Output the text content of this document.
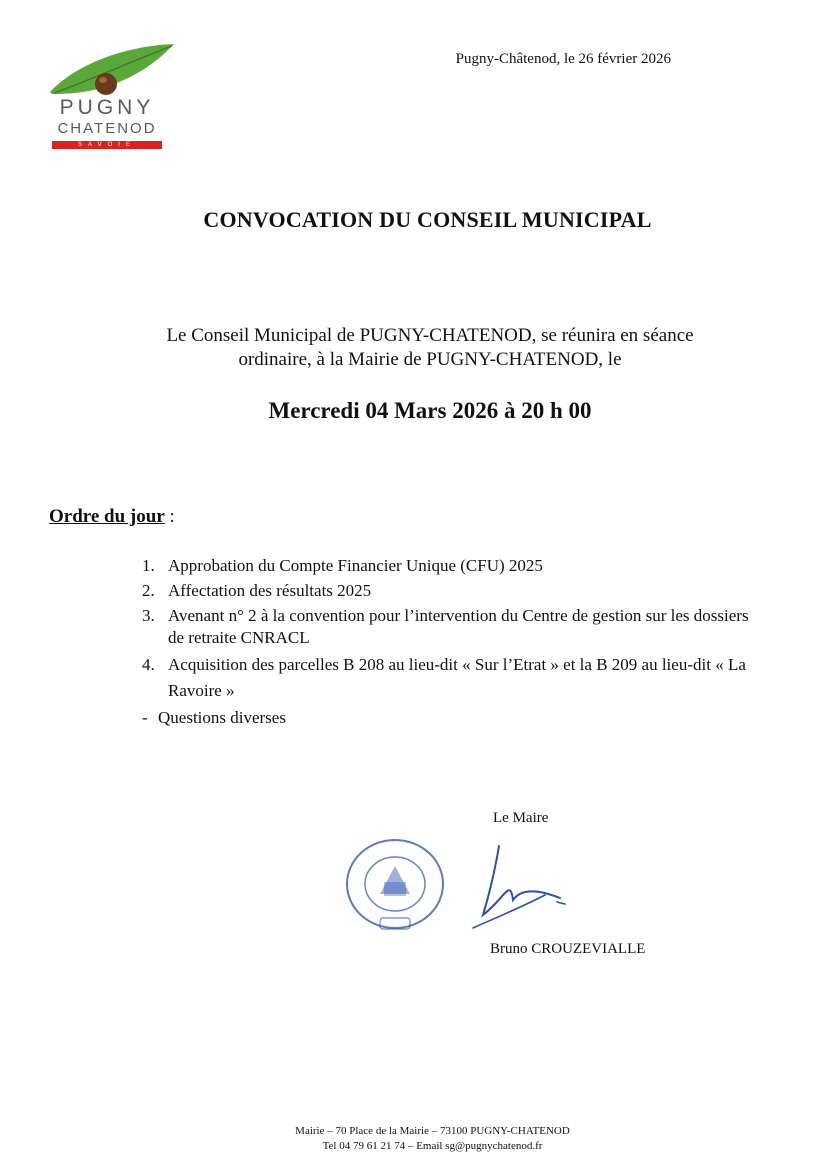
PUGNY
CHATENOD
SAVOIE
Pugny-Châtenod, le 26 février 2026
CONVOCATION DU CONSEIL MUNICIPAL
Le Conseil Municipal de PUGNY-CHATENOD, se réunira en séance
ordinaire, à la Mairie de PUGNY-CHATENOD, le
Mercredi 04 Mars 2026 à 20 h 00
Ordre du jour :
1. Approbation du Compte Financier Unique (CFU) 2025
2. Affectation des résultats 2025
3. Avenant n° 2 à la convention pour l’intervention du Centre de gestion sur les dossiers de retraite CNRACL
4. Acquisition des parcelles B 208 au lieu-dit « Sur l’Etrat » et la B 209 au lieu-dit « La Ravoire »
- Questions diverses
Le Maire
Bruno CROUZEVIALLE
Mairie – 70 Place de la Mairie – 73100 PUGNY-CHATENOD
Tel 04 79 61 21 74 – Email sg@pugnychatenod.fr
